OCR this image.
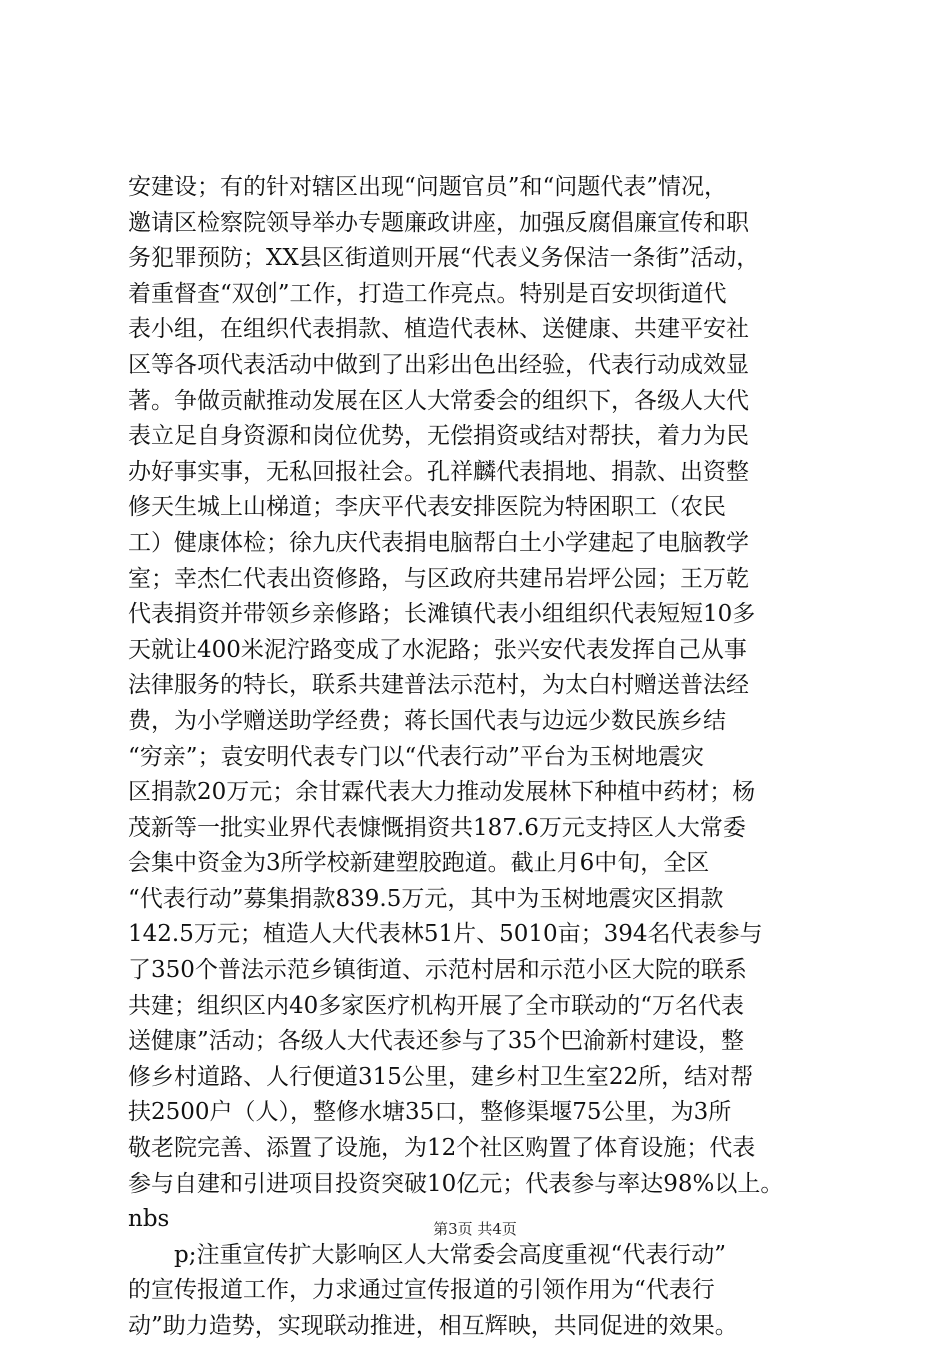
安建设；有的针对辖区出现“问题官员”和“问题代表”情况，
邀请区检察院领导举办专题廉政讲座，加强反腐倡廉宣传和职
务犯罪预防；XX县区街道则开展“代表义务保洁一条街”活动，
着重督查“双创”工作，打造工作亮点。特别是百安坝街道代
表小组，在组织代表捐款、植造代表林、送健康、共建平安社
区等各项代表活动中做到了出彩出色出经验，代表行动成效显
著。争做贡献推动发展在区人大常委会的组织下，各级人大代
表立足自身资源和岗位优势，无偿捐资或结对帮扶，着力为民
办好事实事，无私回报社会。孔祥麟代表捐地、捐款、出资整
修天生城上山梯道；李庆平代表安排医院为特困职工（农民
工）健康体检；徐九庆代表捐电脑帮白土小学建起了电脑教学
室；幸杰仁代表出资修路，与区政府共建吊岩坪公园；王万乾
代表捐资并带领乡亲修路；长滩镇代表小组组织代表短短10多
天就让400米泥泞路变成了水泥路；张兴安代表发挥自己从事
法律服务的特长，联系共建普法示范村，为太白村赠送普法经
费，为小学赠送助学经费；蒋长国代表与边远少数民族乡结
“穷亲”；袁安明代表专门以“代表行动”平台为玉树地震灾
区捐款20万元；余甘霖代表大力推动发展林下种植中药材；杨
茂新等一批实业界代表慷慨捐资共187.6万元支持区人大常委
会集中资金为3所学校新建塑胶跑道。截止月6中旬，全区
“代表行动”募集捐款839.5万元，其中为玉树地震灾区捐款
142.5万元；植造人大代表林51片、5010亩；394名代表参与
了350个普法示范乡镇街道、示范村居和示范小区大院的联系
共建；组织区内40多家医疗机构开展了全市联动的“万名代表
送健康”活动；各级人大代表还参与了35个巴渝新村建设，整
修乡村道路、人行便道315公里，建乡村卫生室22所，结对帮
扶2500户（人），整修水塘35口，整修渠堰75公里，为3所
敬老院完善、添置了设施，为12个社区购置了体育设施；代表
参与自建和引进项目投资突破10亿元；代表参与率达98%以上。
nbs
　　p;注重宣传扩大影响区人大常委会高度重视“代表行动”
的宣传报道工作，力求通过宣传报道的引领作用为“代表行
动”助力造势，实现联动推进，相互辉映，共同促进的效果。
第3页 共4页
